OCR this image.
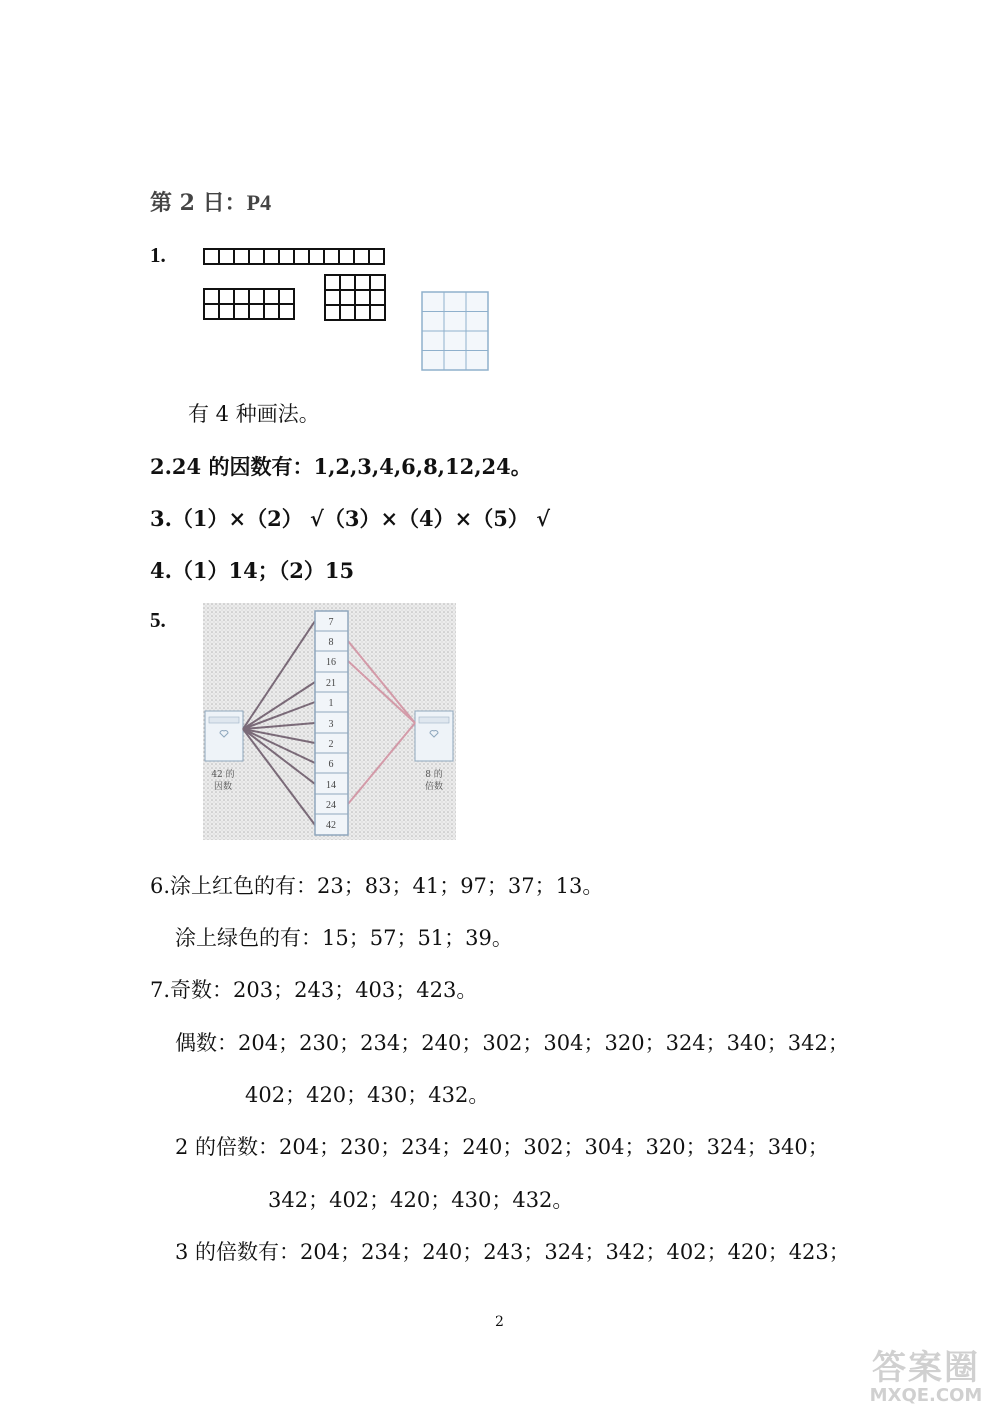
第 2 日：P4
1.
有 4 种画法。
2.24 的因数有：1,2,3,4,6,8,12,24。
3.（1）×（2） √（3）×（4）×（5） √
4.（1）14；（2）15
5.
42 的
因数
8 的
倍数
7
8
16
21
1
3
2
6
14
24
42
6.涂上红色的有：23；83；41；97；37；13。
涂上绿色的有：15；57；51；39。
7.奇数：203；243；403；423。
偶数：204；230；234；240；302；304；320；324；340；342；
402；420；430；432。
2 的倍数：204；230；234；240；302；304；320；324；340；
342；402；420；430；432。
3 的倍数有：204；234；240；243；324；342；402；420；423；
2
答案圈
MXQE.COM
